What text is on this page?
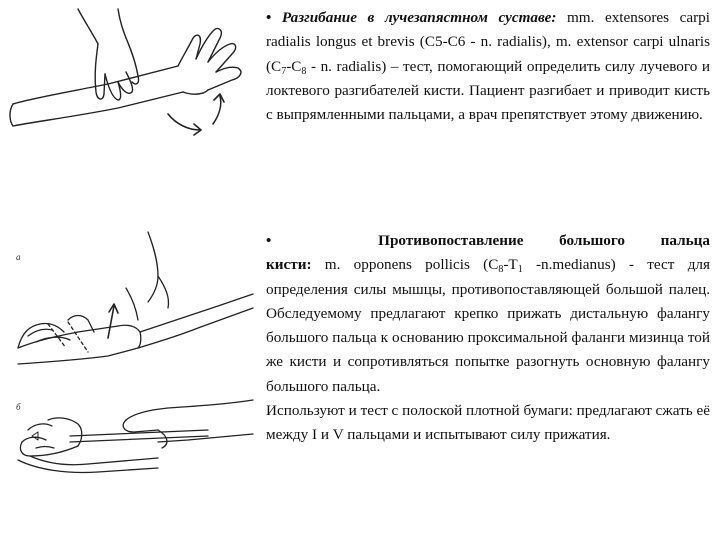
а
б
• Разгибание в лучезапястном суставе: mm. extensores carpi radialis longus et brevis (C5-C6 - n. radialis), m. extensor carpi ulnaris ($C_7-C_8$ - n. radialis) – тест, помогающий определить силу лучевого и локтевого разгибателей кисти. Пациент разгибает и приводит кисть с выпрямленными пальцами, а врач препятствует этому движению.
•	Противопоставление большого пальца
кисти: m. opponens pollicis ($C_8-T_1$ -n.medianus) - тест для определения силы мышцы, противопоставляющей большой палец. Обследуемому предлагают крепко прижать дистальную фалангу большого пальца к основанию проксимальной фаланги мизинца той же кисти и сопротивляться попытке разогнуть основную фалангу большого пальца.
Используют и тест с полоской плотной бумаги: предлагают сжать её между I и V пальцами и испытывают силу прижатия.
